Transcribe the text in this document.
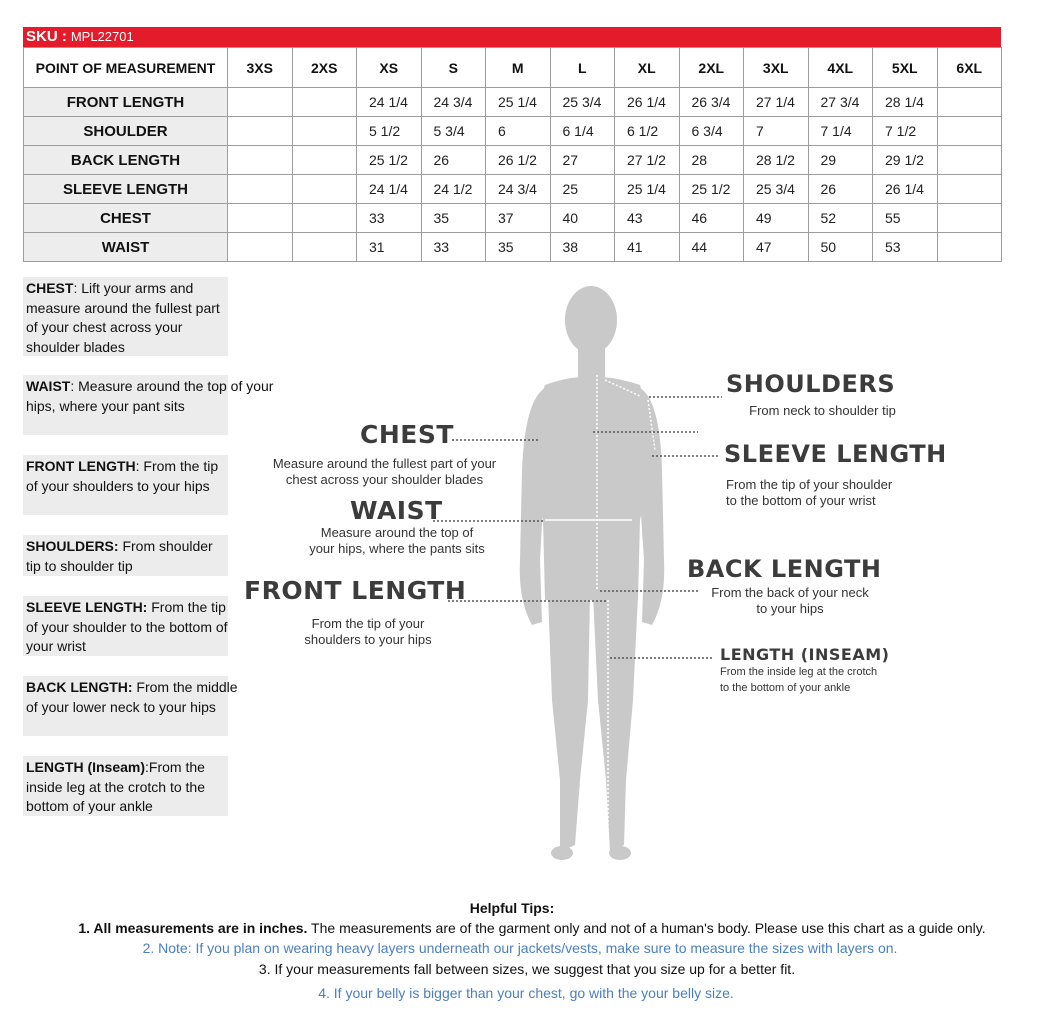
SKU : MPL22701
POINT OF MEASUREMENT	3XS	2XS	XS	S	M	L	XL	2XL	3XL	4XL	5XL	6XL
FRONT LENGTH			24 1/4	24 3/4	25 1/4	25 3/4	26 1/4	26 3/4	27 1/4	27 3/4	28 1/4	
SHOULDER			5 1/2	5 3/4	6	6 1/4	6 1/2	6 3/4	7	7 1/4	7 1/2	
BACK LENGTH			25 1/2	26	26 1/2	27	27 1/2	28	28 1/2	29	29 1/2	
SLEEVE LENGTH			24 1/4	24 1/2	24 3/4	25	25 1/4	25 1/2	25 3/4	26	26 1/4	
CHEST			33	35	37	40	43	46	49	52	55	
WAIST			31	33	35	38	41	44	47	50	53	
CHEST: Lift your arms and measure around the fullest part of your chest across your shoulder blades
WAIST: Measure around the top of your hips, where your pant sits
FRONT LENGTH: From the tip of your shoulders to your hips
SHOULDERS: From shoulder tip to shoulder tip
SLEEVE LENGTH: From the tip of your shoulder to the bottom of your wrist
BACK LENGTH: From the middle of your lower neck to your hips
LENGTH (Inseam):From the inside leg at the crotch to the bottom of your ankle
SHOULDERS
From neck to shoulder tip
CHEST
Measure around the fullest part of your
chest across your shoulder blades
SLEEVE LENGTH
From the tip of your shoulder
to the bottom of your wrist
WAIST
Measure around the top of
your hips, where the pants sits
BACK LENGTH
From the back of your neck
to your hips
FRONT LENGTH
From the tip of your
shoulders to your hips
LENGTH (INSEAM)
From the inside leg at the crotch
to the bottom of your ankle
Helpful Tips:
1. All measurements are in inches. The measurements are of the garment only and not of a human's body. Please use this chart as a guide only.
2. Note: If you plan on wearing heavy layers underneath our jackets/vests, make sure to measure the sizes with layers on.
3. If your measurements fall between sizes, we suggest that you size up for a better fit.
4. If your belly is bigger than your chest, go with the your belly size.
